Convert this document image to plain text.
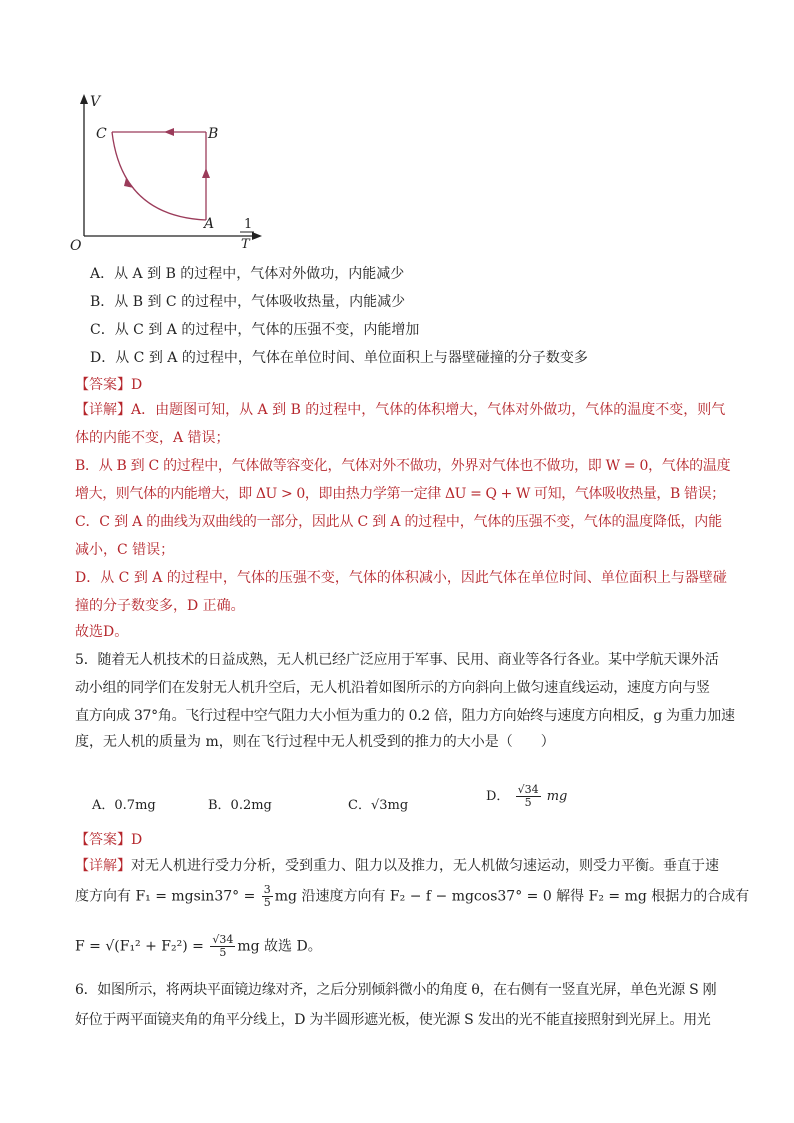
V
O
C	B
A 1
T
A．从 A 到 B 的过程中，气体对外做功，内能减少
B．从 B 到 C 的过程中，气体吸收热量，内能减少
C．从 C 到 A 的过程中，气体的压强不变，内能增加
D．从 C 到 A 的过程中，气体在单位时间、单位面积上与器壁碰撞的分子数变多
【答案】D
【详解】A．由题图可知，从 A 到 B 的过程中，气体的体积增大，气体对外做功，气体的温度不变，则气
体的内能不变，A 错误；
B．从 B 到 C 的过程中，气体做等容变化，气体对外不做功，外界对气体也不做功，即 W = 0，气体的温度
增大，则气体的内能增大，即 ΔU > 0，即由热力学第一定律 ΔU = Q + W 可知，气体吸收热量，B 错误；
C．C 到 A 的曲线为双曲线的一部分，因此从 C 到 A 的过程中，气体的压强不变，气体的温度降低，内能
减小，C 错误；
D．从 C 到 A 的过程中，气体的压强不变，气体的体积减小，因此气体在单位时间、单位面积上与器壁碰
撞的分子数变多，D 正确。
故选D。
5．随着无人机技术的日益成熟，无人机已经广泛应用于军事、民用、商业等各行各业。某中学航天课外活
动小组的同学们在发射无人机升空后，无人机沿着如图所示的方向斜向上做匀速直线运动，速度方向与竖
直方向成 37°角。飞行过程中空气阻力大小恒为重力的 0.2 倍，阻力方向始终与速度方向相反，g 为重力加速
度，无人机的质量为 m，则在飞行过程中无人机受到的推力的大小是（　　）
A．0.7mg	B．0.2mg	C．√3mg
D． $\frac{√34}{5}$ mg
【答案】D
【详解】对无人机进行受力分析，受到重力、阻力以及推力，无人机做匀速运动，则受力平衡。垂直于速
度方向有 $F_1 = mgsin37^\circ = \frac{3}{5}$ mg 沿速度方向有 F₂ − f − mgcos37° = 0 解得 F₂ = mg 根据力的合成有
$F = √(F_1^2 + F_2^2) = \frac{√34}{5}$ mg 故选 D。
6．如图所示，将两块平面镜边缘对齐，之后分别倾斜微小的角度 θ，在右侧有一竖直光屏，单色光源 S 刚
好位于两平面镜夹角的角平分线上，D 为半圆形遮光板，使光源 S 发出的光不能直接照射到光屏上。用光
